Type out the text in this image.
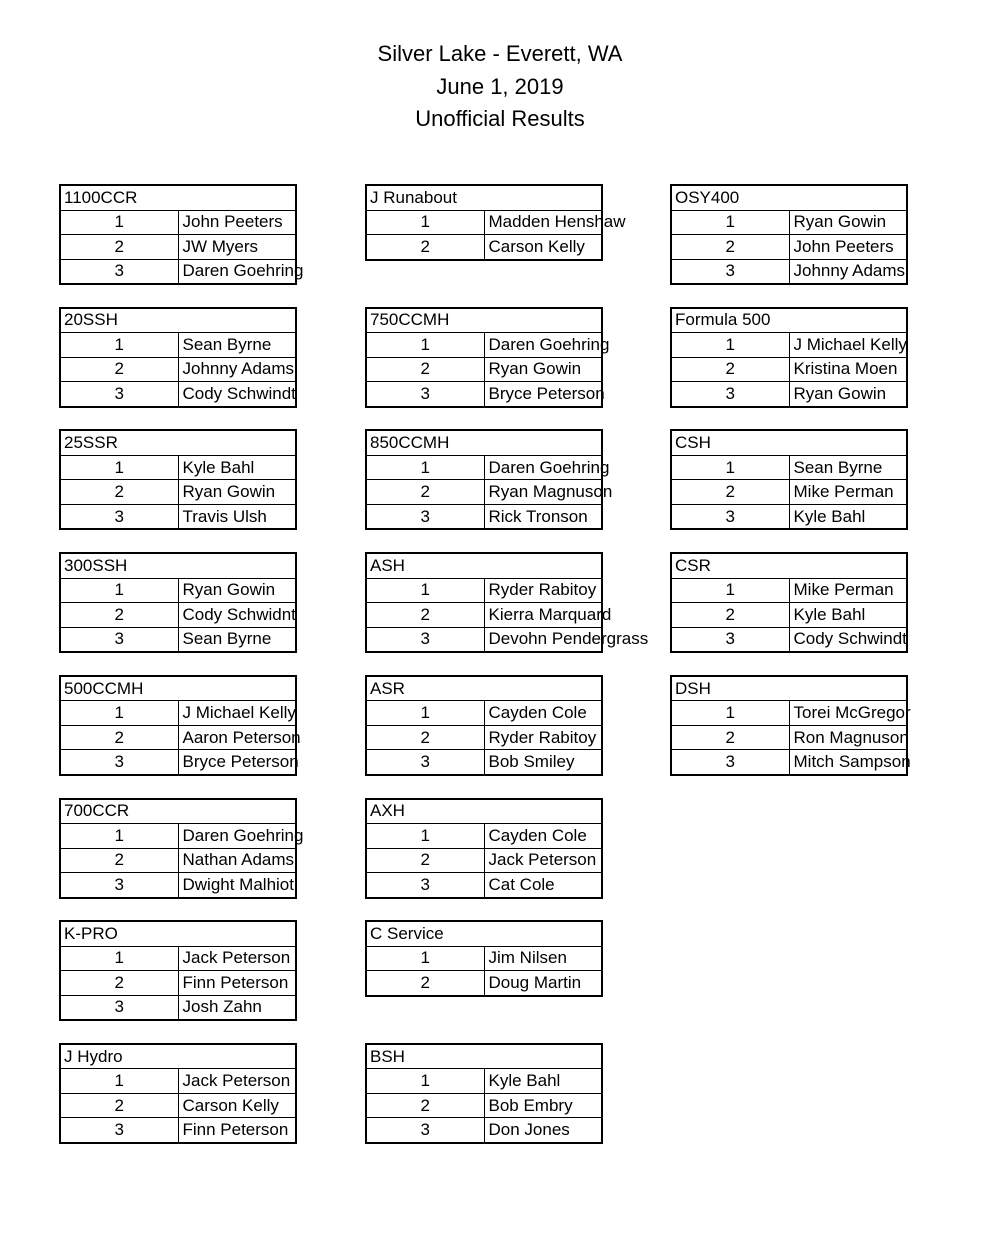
Silver Lake - Everett, WA
June 1, 2019
Unofficial Results
1100CCR	
1	John Peeters
2	JW Myers
3	Daren Goehring
20SSH	
1	Sean Byrne
2	Johnny Adams
3	Cody Schwindt
25SSR	
1	Kyle Bahl
2	Ryan Gowin
3	Travis Ulsh
300SSH	
1	Ryan Gowin
2	Cody Schwidnt
3	Sean Byrne
500CCMH	
1	J Michael Kelly
2	Aaron Peterson
3	Bryce Peterson
700CCR	
1	Daren Goehring
2	Nathan Adams
3	Dwight Malhiot
K-PRO	
1	Jack Peterson
2	Finn Peterson
3	Josh Zahn
J Hydro	
1	Jack Peterson
2	Carson Kelly
3	Finn Peterson
J Runabout	
1	Madden Henshaw
2	Carson Kelly
750CCMH	
1	Daren Goehring
2	Ryan Gowin
3	Bryce Peterson
850CCMH	
1	Daren Goehring
2	Ryan Magnuson
3	Rick Tronson
ASH	
1	Ryder Rabitoy
2	Kierra Marquard
3	Devohn Pendergrass
ASR	
1	Cayden Cole
2	Ryder Rabitoy
3	Bob Smiley
AXH	
1	Cayden Cole
2	Jack Peterson
3	Cat Cole
C Service	
1	Jim Nilsen
2	Doug Martin
BSH	
1	Kyle Bahl
2	Bob Embry
3	Don Jones
OSY400	
1	Ryan Gowin
2	John Peeters
3	Johnny Adams
Formula 500	
1	J Michael Kelly
2	Kristina Moen
3	Ryan Gowin
CSH	
1	Sean Byrne
2	Mike Perman
3	Kyle Bahl
CSR	
1	Mike Perman
2	Kyle Bahl
3	Cody Schwindt
DSH	
1	Torei McGregor
2	Ron Magnuson
3	Mitch Sampson
